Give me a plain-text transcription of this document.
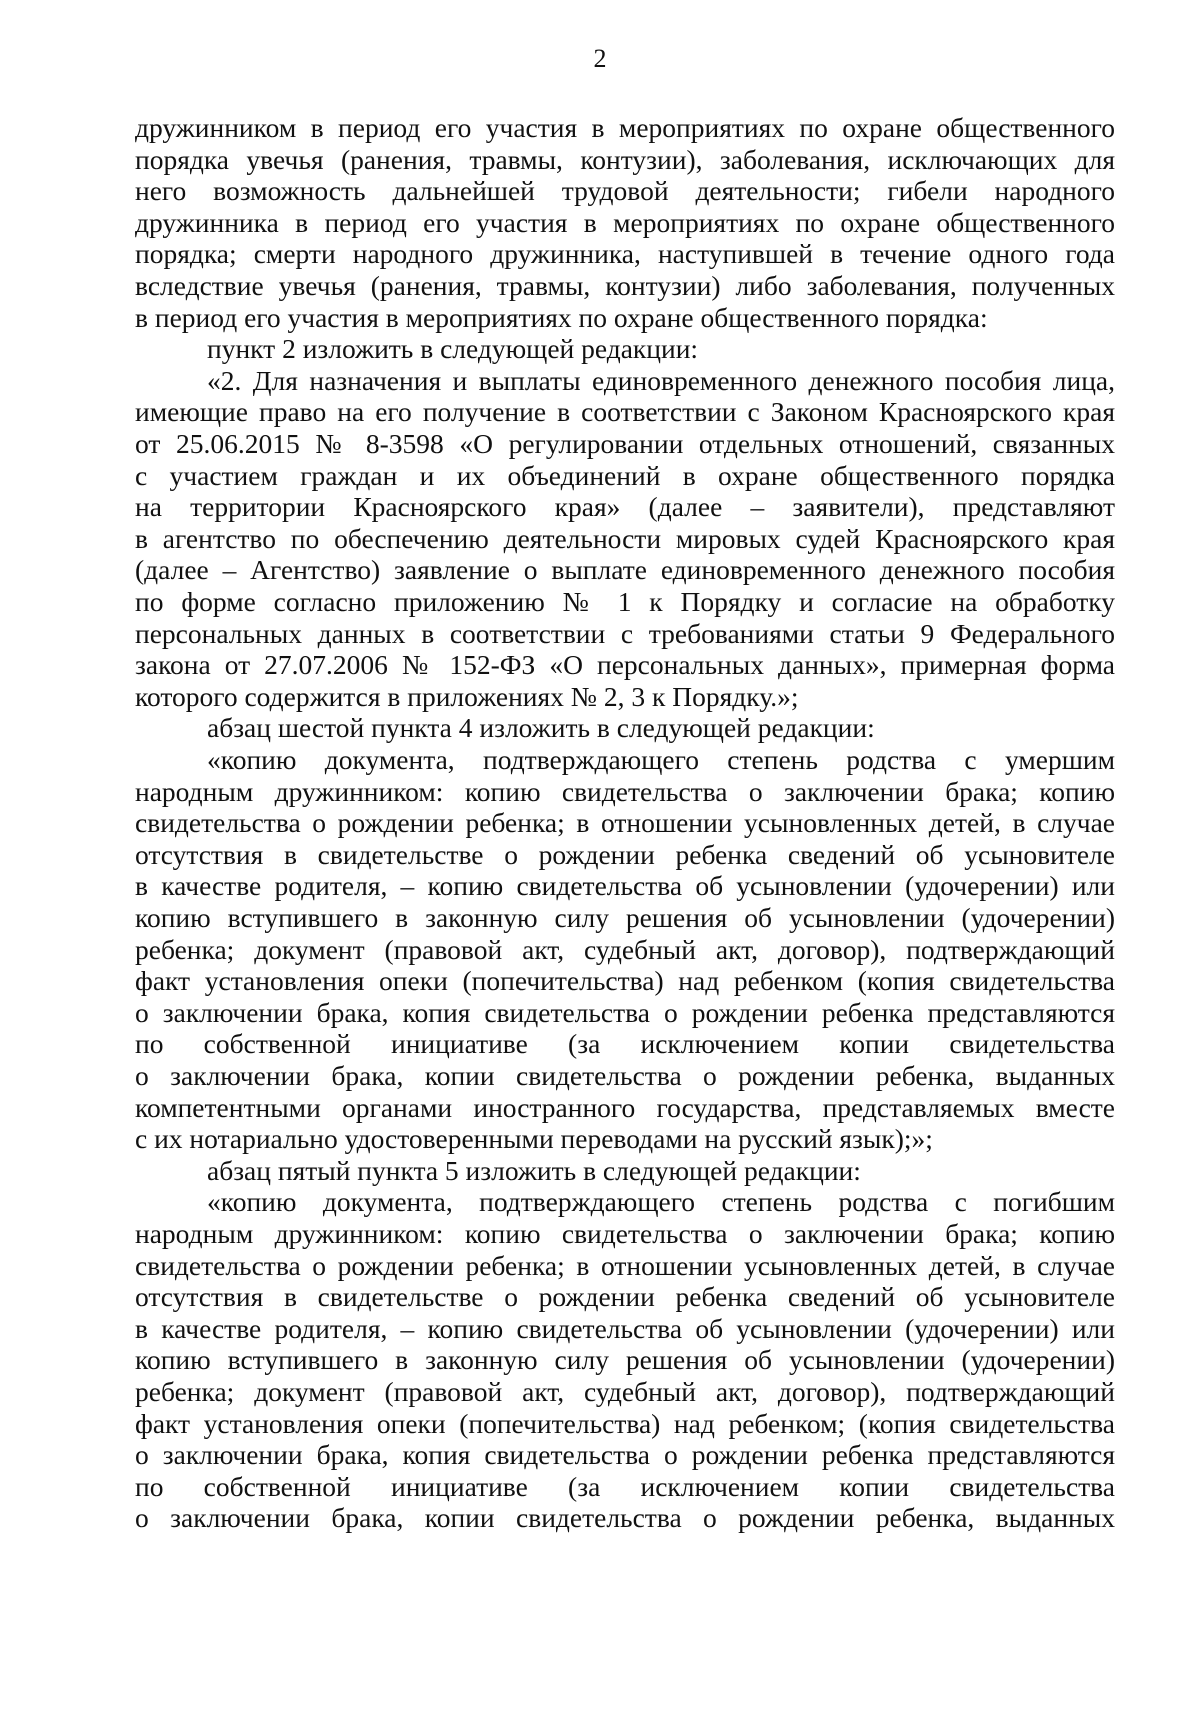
2
дружинником в период его участия в мероприятиях по охране общественного
порядка увечья (ранения, травмы, контузии), заболевания, исключающих для
него возможность дальнейшей трудовой деятельности; гибели народного
дружинника в период его участия в мероприятиях по охране общественного
порядка; смерти народного дружинника, наступившей в течение одного года
вследствие увечья (ранения, травмы, контузии) либо заболевания, полученных
в период его участия в мероприятиях по охране общественного порядка:
пункт 2 изложить в следующей редакции:
«2. Для назначения и выплаты единовременного денежного пособия лица,
имеющие право на его получение в соответствии с Законом Красноярского края
от 25.06.2015 № 8-3598 «О регулировании отдельных отношений, связанных
с участием граждан и их объединений в охране общественного порядка
на территории Красноярского края» (далее – заявители), представляют
в агентство по обеспечению деятельности мировых судей Красноярского края
(далее – Агентство) заявление о выплате единовременного денежного пособия
по форме согласно приложению № 1 к Порядку и согласие на обработку
персональных данных в соответствии с требованиями статьи 9 Федерального
закона от 27.07.2006 № 152-ФЗ «О персональных данных», примерная форма
которого содержится в приложениях № 2, 3 к Порядку.»;
абзац шестой пункта 4 изложить в следующей редакции:
«копию документа, подтверждающего степень родства с умершим
народным дружинником: копию свидетельства о заключении брака; копию
свидетельства о рождении ребенка; в отношении усыновленных детей, в случае
отсутствия в свидетельстве о рождении ребенка сведений об усыновителе
в качестве родителя, – копию свидетельства об усыновлении (удочерении) или
копию вступившего в законную силу решения об усыновлении (удочерении)
ребенка; документ (правовой акт, судебный акт, договор), подтверждающий
факт установления опеки (попечительства) над ребенком (копия свидетельства
о заключении брака, копия свидетельства о рождении ребенка представляются
по собственной инициативе (за исключением копии свидетельства
о заключении брака, копии свидетельства о рождении ребенка, выданных
компетентными органами иностранного государства, представляемых вместе
с их нотариально удостоверенными переводами на русский язык);»;
абзац пятый пункта 5 изложить в следующей редакции:
«копию документа, подтверждающего степень родства с погибшим
народным дружинником: копию свидетельства о заключении брака; копию
свидетельства о рождении ребенка; в отношении усыновленных детей, в случае
отсутствия в свидетельстве о рождении ребенка сведений об усыновителе
в качестве родителя, – копию свидетельства об усыновлении (удочерении) или
копию вступившего в законную силу решения об усыновлении (удочерении)
ребенка; документ (правовой акт, судебный акт, договор), подтверждающий
факт установления опеки (попечительства) над ребенком; (копия свидетельства
о заключении брака, копия свидетельства о рождении ребенка представляются
по собственной инициативе (за исключением копии свидетельства
о заключении брака, копии свидетельства о рождении ребенка, выданных
